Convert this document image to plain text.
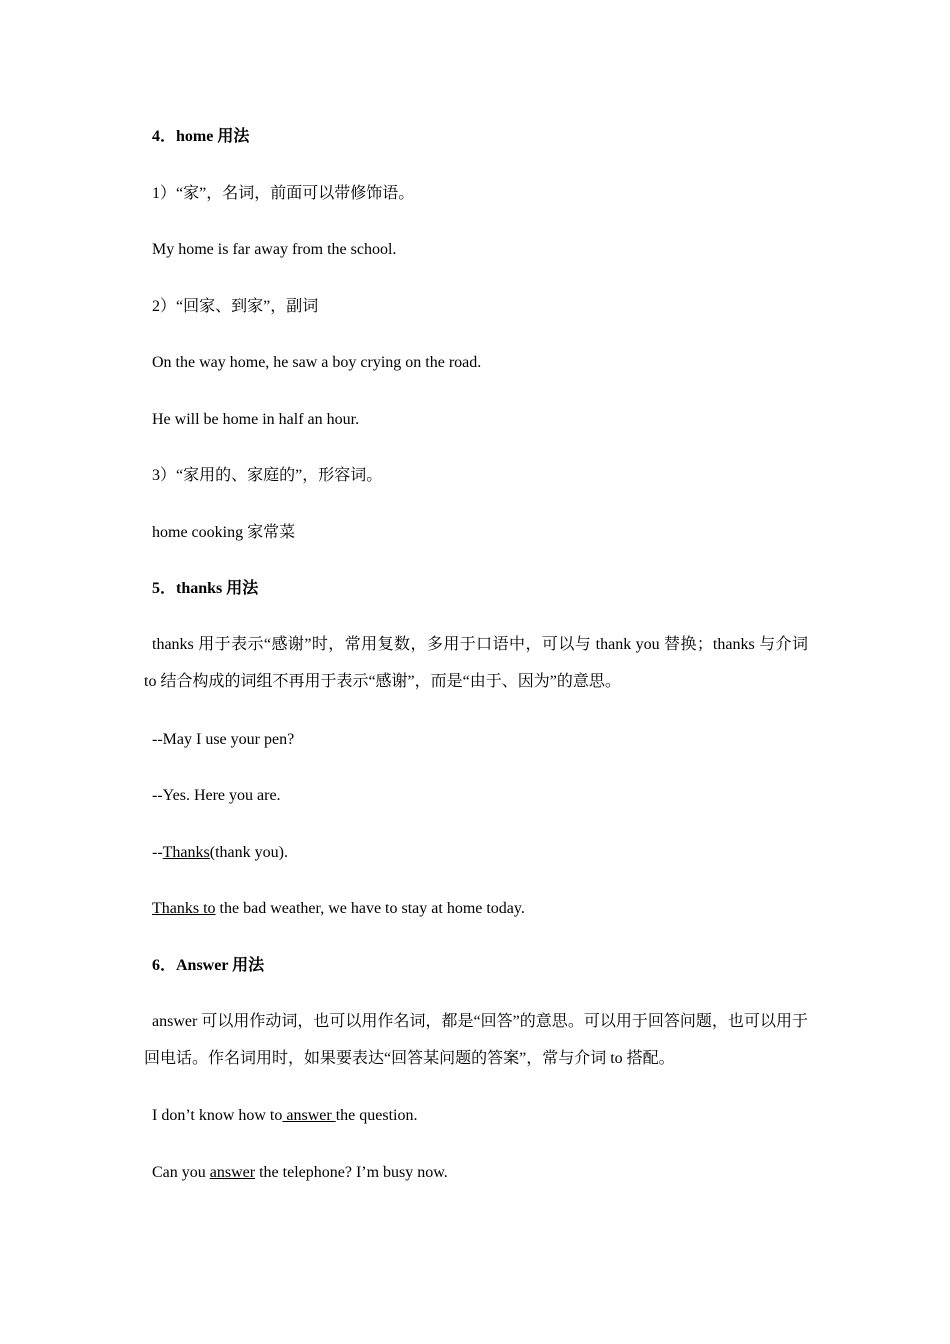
4．home 用法
1）“家”，名词，前面可以带修饰语。
My home is far away from the school.
2）“回家、到家”，副词
On the way home, he saw a boy crying on the road.
He will be home in half an hour.
3）“家用的、家庭的”，形容词。
home cooking 家常菜
5．thanks 用法
thanks 用于表示“感谢”时，常用复数，多用于口语中，可以与 thank you 替换；thanks 与介词 to 结合构成的词组不再用于表示“感谢”，而是“由于、因为”的意思。
--May I use your pen?
--Yes. Here you are.
--Thanks(thank you).
Thanks to the bad weather, we have to stay at home today.
6．Answer 用法
answer 可以用作动词，也可以用作名词，都是“回答”的意思。可以用于回答问题，也可以用于回电话。作名词用时，如果要表达“回答某问题的答案”，常与介词 to 搭配。
I don’t know how to answer the question.
Can you answer the telephone? I’m busy now.
